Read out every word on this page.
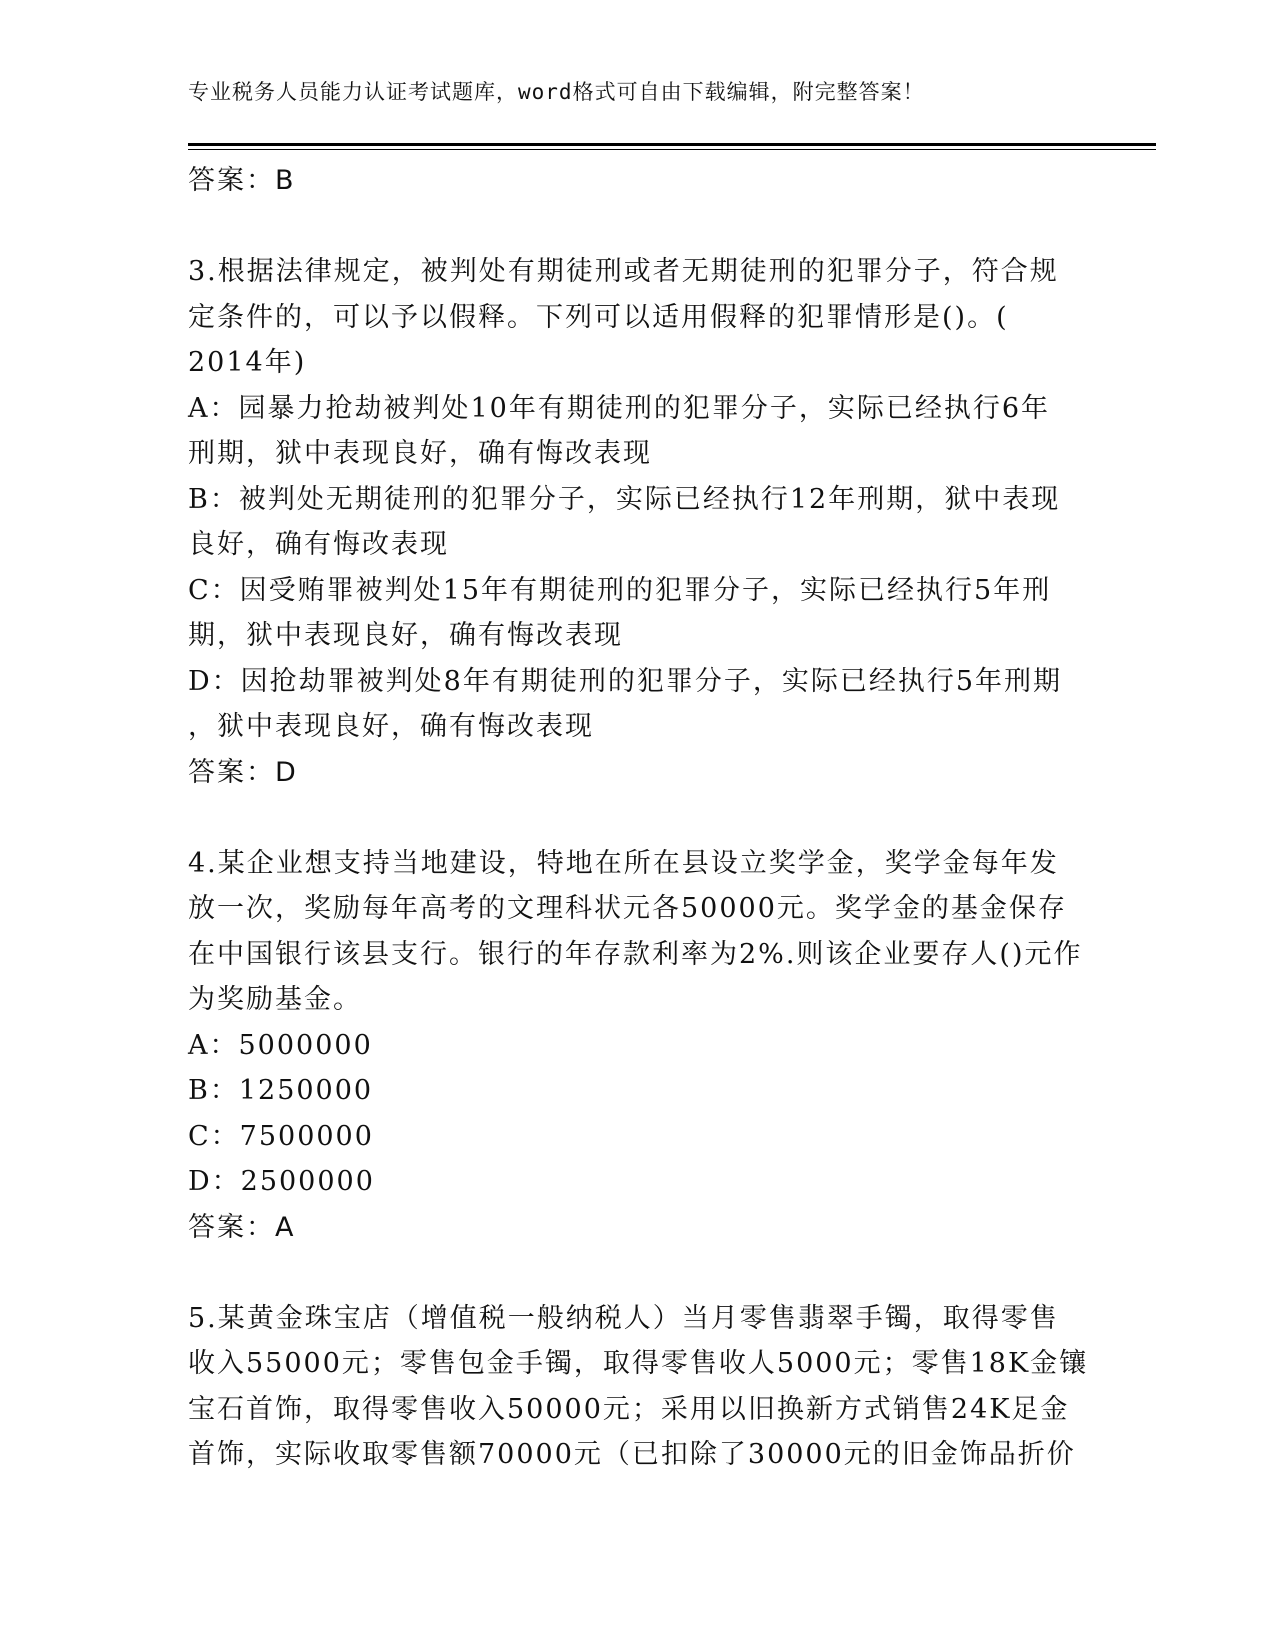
专业税务人员能力认证考试题库，word格式可自由下载编辑，附完整答案！
答案：B
3.根据法律规定，被判处有期徒刑或者无期徒刑的犯罪分子，符合规
定条件的，可以予以假释。下列可以适用假释的犯罪情形是()。(
2014年)
A：园暴力抢劫被判处10年有期徒刑的犯罪分子，实际已经执行6年
刑期，狱中表现良好，确有悔改表现
B：被判处无期徒刑的犯罪分子，实际已经执行12年刑期，狱中表现
良好，确有悔改表现
C：因受贿罪被判处15年有期徒刑的犯罪分子，实际已经执行5年刑
期，狱中表现良好，确有悔改表现
D：因抢劫罪被判处8年有期徒刑的犯罪分子，实际已经执行5年刑期
，狱中表现良好，确有悔改表现
答案：D
4.某企业想支持当地建设，特地在所在县设立奖学金，奖学金每年发
放一次，奖励每年高考的文理科状元各50000元。奖学金的基金保存
在中国银行该县支行。银行的年存款利率为2%.则该企业要存人()元作
为奖励基金。
A：5000000
B：1250000
C：7500000
D：2500000
答案：A
5.某黄金珠宝店（增值税一般纳税人）当月零售翡翠手镯，取得零售
收入55000元；零售包金手镯，取得零售收人5000元；零售18K金镶
宝石首饰，取得零售收入50000元；采用以旧换新方式销售24K足金
首饰，实际收取零售额70000元（已扣除了30000元的旧金饰品折价
